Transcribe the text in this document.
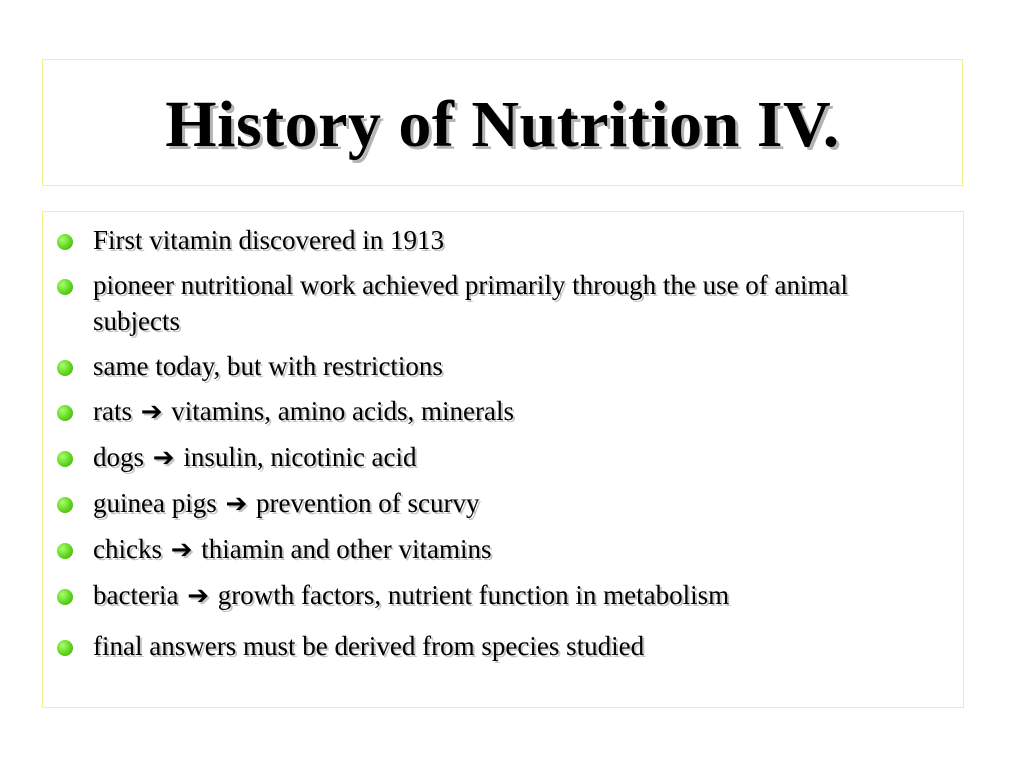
History of Nutrition IV.
First vitamin discovered in 1913
pioneer nutritional work achieved primarily through the use of animal subjects
same today, but with restrictions
rats ➔ vitamins, amino acids, minerals
dogs ➔ insulin, nicotinic acid
guinea pigs ➔ prevention of scurvy
chicks ➔ thiamin and other vitamins
bacteria ➔ growth factors, nutrient function in metabolism
final answers must be derived from species studied
